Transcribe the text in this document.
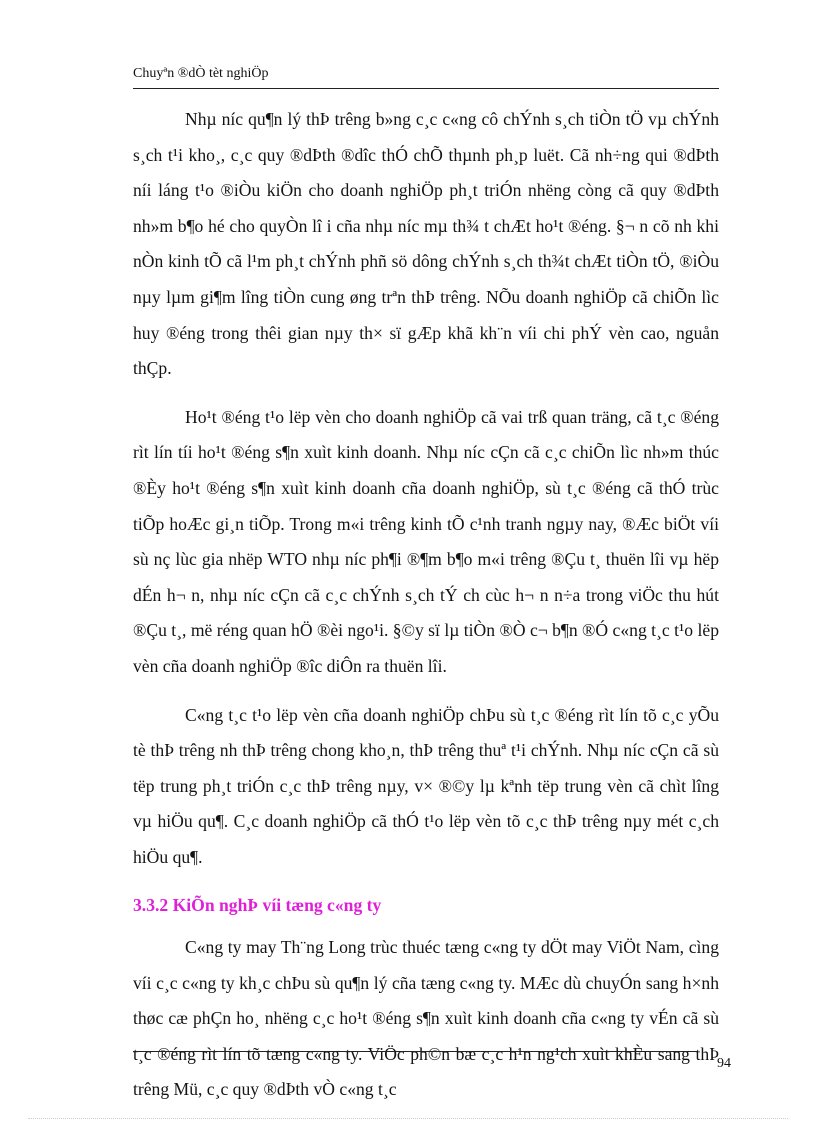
Chuyªn ®dÒ tèt nghiÖp

Nhµ níc qu¶n lý thÞ trêng b»ng c¸c c«ng cô chÝnh s¸ch tiÒn tÖ vµ chÝnh s¸ch t¹i kho¸, c¸c quy ®dÞth ®dîc thÓ chÕ thµnh ph¸p luët. Cã nh÷ng qui ®dÞth níi láng t¹o ®iÒu kiÖn cho doanh nghiÖp ph¸t triÓn nhëng còng cã quy ®dÞth nh»m b¶o hé cho quyÒn lî i cña nhµ níc mµ th¾ t chÆt ho¹t ®éng. §¬ n cõ nh khi nÒn kinh tÕ cã l¹m ph¸t chÝnh phñ sö dông chÝnh s¸ch th¾t chÆt tiÒn tÖ, ®iÒu nµy lµm gi¶m lîng tiÒn cung øng trªn thÞ trêng. NÕu doanh nghiÖp cã chiÕn lìc huy ®éng trong thêi gian nµy th× sï gÆp khã kh¨n víi chi phÝ vèn cao, nguån thÇp.

Ho¹t ®éng t¹o lëp vèn cho doanh nghiÖp cã vai trß quan träng, cã t¸c ®éng rìt lín tíi ho¹t ®éng s¶n xuìt kinh doanh. Nhµ níc cÇn cã c¸c chiÕn lìc nh»m thúc ®Èy ho¹t ®éng s¶n xuìt kinh doanh cña doanh nghiÖp, sù t¸c ®éng cã thÓ trùc tiÕp hoÆc gi¸n tiÕp. Trong m«i trêng kinh tÕ c¹nh tranh ngµy nay, ®Æc biÖt víi sù nç lùc gia nhëp WTO nhµ níc ph¶i ®¶m b¶o m«i trêng ®Çu t¸ thuën lîi vµ hëp dÉn h¬ n, nhµ níc cÇn cã c¸c chÝnh s¸ch tÝ ch cùc h¬ n n÷a trong viÖc thu hút ®Çu t¸, më réng quan hÖ ®èi ngo¹i. §©y sï lµ tiÒn ®Ò c¬ b¶n ®Ó c«ng t¸c t¹o lëp vèn cña doanh nghiÖp ®îc diÔn ra thuën lîi.

C«ng t¸c t¹o lëp vèn cña doanh nghiÖp chÞu sù t¸c ®éng rìt lín tõ c¸c yÕu tè thÞ trêng nh thÞ trêng chong kho¸n, thÞ trêng thuª t¹i chÝnh. Nhµ níc cÇn cã sù tëp trung ph¸t triÓn c¸c thÞ trêng nµy, v× ®©y lµ kªnh tëp trung vèn cã chìt lîng vµ hiÖu qu¶. C¸c doanh nghiÖp cã thÓ t¹o lëp vèn tõ c¸c thÞ trêng nµy mét c¸ch hiÖu qu¶.

3.3.2 KiÕn nghÞ víi tæng c«ng ty

C«ng ty may Th¨ng Long trùc thuéc tæng c«ng ty dÖt may ViÖt Nam, cìng víi c¸c c«ng ty kh¸c chÞu sù qu¶n lý cña tæng c«ng ty. MÆc dù chuyÓn sang h×nh thøc cæ phÇn ho¸ nhëng c¸c ho¹t ®éng s¶n xuìt kinh doanh cña c«ng ty vÉn cã sù t¸c ®éng rìt lín tõ tæng c«ng ty. ViÖc ph©n bæ c¸c h¹n ng¹ch xuìt khÈu sang thÞ trêng Mü, c¸c quy ®dÞth vÒ c«ng t¸c

94
